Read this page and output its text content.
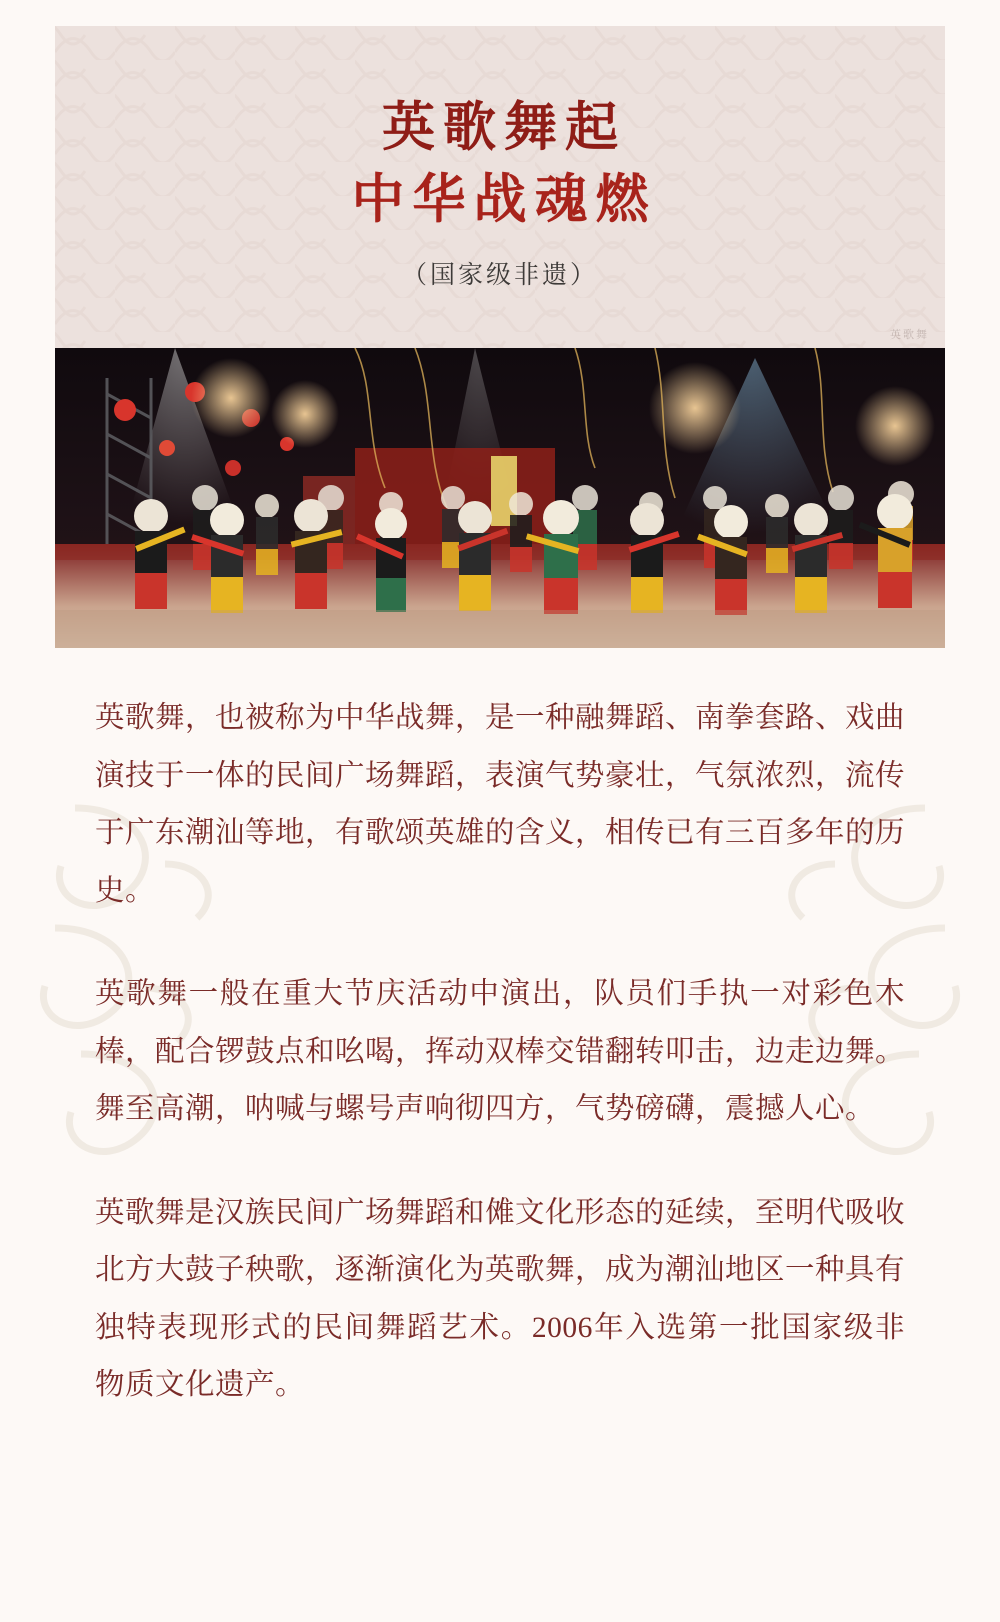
英歌舞起
中华战魂燃
（国家级非遗）
英歌舞

英歌舞，也被称为中华战舞，是一种融舞蹈、南拳套路、戏曲演技于一体的民间广场舞蹈，表演气势豪壮，气氛浓烈，流传于广东潮汕等地，有歌颂英雄的含义，相传已有三百多年的历史。

英歌舞一般在重大节庆活动中演出，队员们手执一对彩色木棒，配合锣鼓点和吆喝，挥动双棒交错翻转叩击，边走边舞。舞至高潮，呐喊与螺号声响彻四方，气势磅礴，震撼人心。

英歌舞是汉族民间广场舞蹈和傩文化形态的延续，至明代吸收北方大鼓子秧歌，逐渐演化为英歌舞，成为潮汕地区一种具有独特表现形式的民间舞蹈艺术。2006年入选第一批国家级非物质文化遗产。
